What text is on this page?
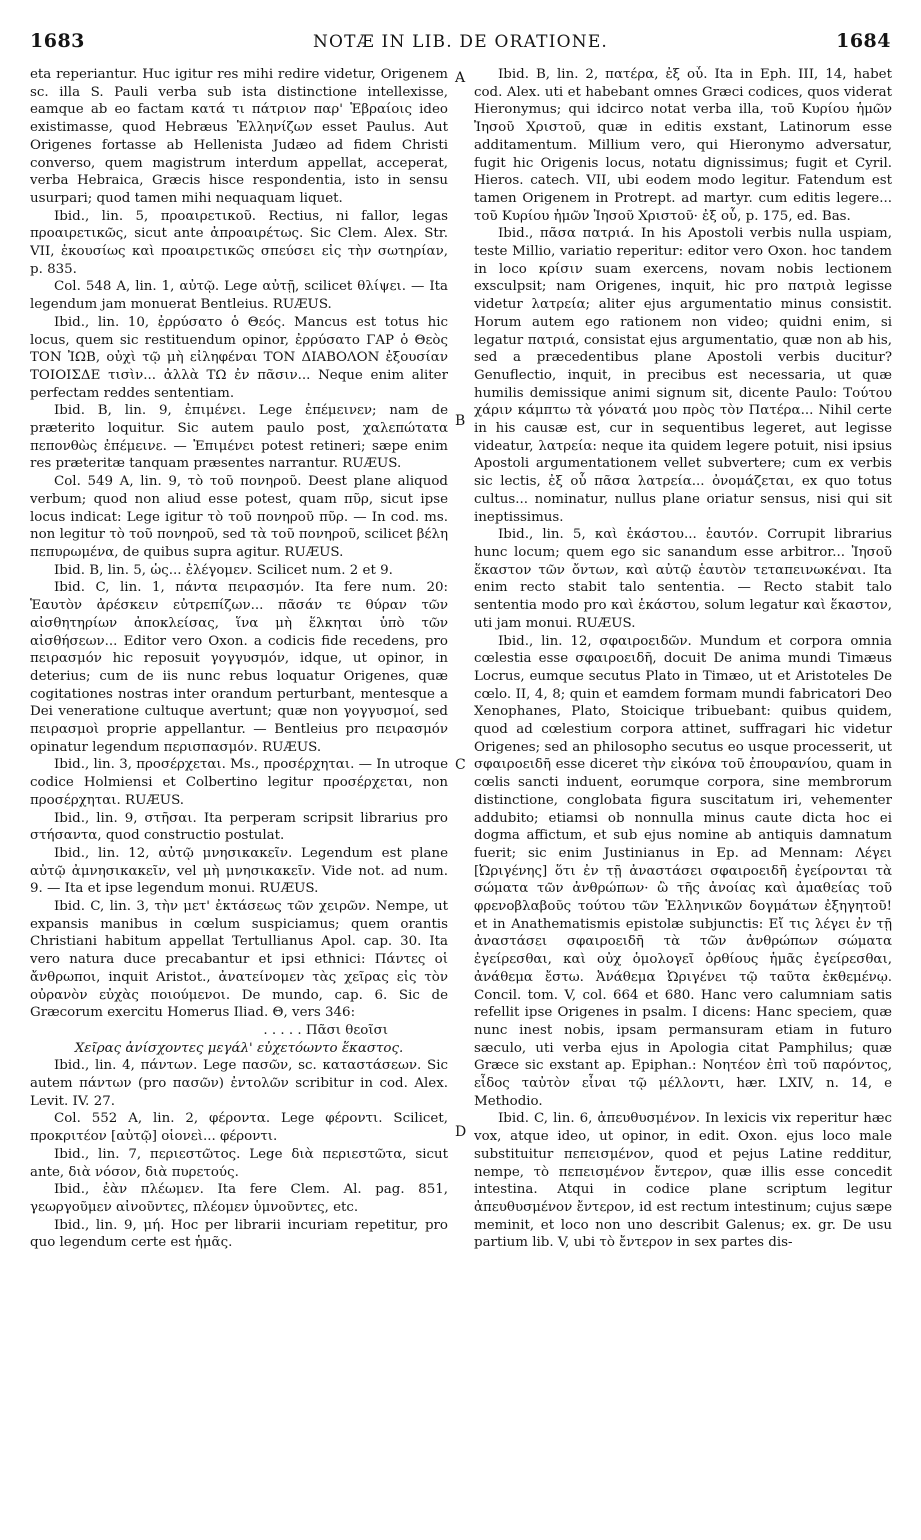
1683	NOTÆ IN LIB. DE ORATIONE.	1684
A
B
C
D

eta reperiantur. Huc igitur res mihi redire videtur, Origenem sc. illa S. Pauli verba sub ista distinctione intellexisse, eamque ab eo factam κατά τι πάτριον παρ' Ἑβραίοις ideo existimasse, quod Hebræus Ἑλληνίζων esset Paulus. Aut Origenes fortasse ab Hellenista Judæo ad fidem Christi converso, quem magistrum interdum appellat, acceperat, verba Hebraica, Græcis hisce respondentia, isto in sensu usurpari; quod tamen mihi nequaquam liquet.

Ibid., lin. 5, προαιρετικοῦ. Rectius, ni fallor, legas προαιρετικῶς, sicut ante ἀπροαιρέτως. Sic Clem. Alex. Str. VII, ἑκουσίως καὶ προαιρετικῶς σπεύσει εἰς τὴν σωτηρίαν, p. 835.

Col. 548 A, lin. 1, αὐτῷ. Lege αὐτῇ, scilicet θλίψει. — Ita legendum jam monuerat Bentleius. RUÆUS.

Ibid., lin. 10, ἐρρύσατο ὁ Θεός. Mancus est totus hic locus, quem sic restituendum opinor, ἐρρύσατο ΓΑΡ ὁ Θεὸς ΤΟΝ ἸΩΒ, οὐχὶ τῷ μὴ εἰληφέναι ΤΟΝ ΔΙΑΒΟΛΟΝ ἐξουσίαν ΤΟΙΟΙΣΔΕ τισὶν... ἀλλὰ ΤΩ ἐν πᾶσιν... Neque enim aliter perfectam reddes sententiam.

Ibid. B, lin. 9, ἐπιμένει. Lege ἐπέμεινεν; nam de præterito loquitur. Sic autem paulo post, χαλεπώτατα πεπονθὼς ἐπέμεινε. — Ἐπιμένει potest retineri; sæpe enim res præteritæ tanquam præsentes narrantur. RUÆUS.

Col. 549 A, lin. 9, τὸ τοῦ πονηροῦ. Deest plane aliquod verbum; quod non aliud esse potest, quam πῦρ, sicut ipse locus indicat: Lege igitur τὸ τοῦ πονηροῦ πῦρ. — In cod. ms. non legitur τὸ τοῦ πονηροῦ, sed τὰ τοῦ πονηροῦ, scilicet βέλη πεπυρωμένα, de quibus supra agitur. RUÆUS.

Ibid. B, lin. 5, ὡς... ἐλέγομεν. Scilicet num. 2 et 9.

Ibid. C, lin. 1, πάντα πειρασμόν. Ita fere num. 20: Ἑαυτὸν ἀρέσκειν εὐτρεπίζων... πᾶσάν τε θύραν τῶν αἰσθητηρίων ἀποκλείσας, ἵνα μὴ ἕλκηται ὑπὸ τῶν αἰσθήσεων... Editor vero Oxon. a codicis fide recedens, pro πειρασμόν hic reposuit γογγυσμόν, idque, ut opinor, in deterius; cum de iis nunc rebus loquatur Origenes, quæ cogitationes nostras inter orandum perturbant, mentesque a Dei veneratione cultuque avertunt; quæ non γογγυσμοί, sed πειρασμοὶ proprie appellantur. — Bentleius pro πειρασμόν opinatur legendum περισπασμόν. RUÆUS.

Ibid., lin. 3, προσέρχεται. Ms., προσέρχηται. — In utroque codice Holmiensi et Colbertino legitur προσέρχεται, non προσέρχηται. RUÆUS.

Ibid., lin. 9, στῆσαι. Ita perperam scripsit librarius pro στήσαντα, quod constructio postulat.

Ibid., lin. 12, αὐτῷ μνησικακεῖν. Legendum est plane αὐτῷ ἀμνησικακεῖν, vel μὴ μνησικακεῖν. Vide not. ad num. 9. — Ita et ipse legendum monui. RUÆUS.

Ibid. C, lin. 3, τὴν μετ' ἐκτάσεως τῶν χειρῶν. Nempe, ut expansis manibus in cœlum suspiciamus; quem orantis Christiani habitum appellat Tertullianus Apol. cap. 30. Ita vero natura duce precabantur et ipsi ethnici: Πάντες οἱ ἄνθρωποι, inquit Aristot., ἀνατείνομεν τὰς χεῖρας εἰς τὸν οὐρανὸν εὐχὰς ποιούμενοι. De mundo, cap. 6. Sic de Græcorum exercitu Homerus Iliad. Θ, vers 346:

. . . . . Πᾶσι θεοῖσι

Χεῖρας ἀνίσχοντες μεγάλ' εὐχετόωντο ἕκαστος.

Ibid., lin. 4, πάντων. Lege πασῶν, sc. καταστάσεων. Sic autem πάντων (pro πασῶν) ἐντολῶν scribitur in cod. Alex. Levit. IV. 27.

Col. 552 A, lin. 2, φέροντα. Lege φέροντι. Scilicet, προκριτέον [αὐτῷ] οἱονεὶ... φέροντι.

Ibid., lin. 7, περιεστῶτος. Lege διὰ περιεστῶτα, sicut ante, διὰ νόσον, διὰ πυρετούς.

Ibid., ἐὰν πλέωμεν. Ita fere Clem. Al. pag. 851, γεωργοῦμεν αἰνοῦντες, πλέομεν ὑμνοῦντες, etc.

Ibid., lin. 9, μή. Hoc per librarii incuriam repetitur, pro quo legendum certe est ἡμᾶς.

Ibid. B, lin. 2, πατέρα, ἐξ οὗ. Ita in Eph. III, 14, habet cod. Alex. uti et habebant omnes Græci codices, quos viderat Hieronymus; qui idcirco notat verba illa, τοῦ Κυρίου ἡμῶν Ἰησοῦ Χριστοῦ, quæ in editis exstant, Latinorum esse additamentum. Millium vero, qui Hieronymo adversatur, fugit hic Origenis locus, notatu dignissimus; fugit et Cyril. Hieros. catech. VII, ubi eodem modo legitur. Fatendum est tamen Origenem in Protrept. ad martyr. cum editis legere... τοῦ Κυρίου ἡμῶν Ἰησοῦ Χριστοῦ· ἐξ οὗ, p. 175, ed. Bas.

Ibid., πᾶσα πατριά. In his Apostoli verbis nulla uspiam, teste Millio, variatio reperitur: editor vero Oxon. hoc tandem in loco κρίσιν suam exercens, novam nobis lectionem exsculpsit; nam Origenes, inquit, hic pro πατριὰ legisse videtur λατρεία; aliter ejus argumentatio minus consistit. Horum autem ego rationem non video; quidni enim, si legatur πατριά, consistat ejus argumentatio, quæ non ab his, sed a præcedentibus plane Apostoli verbis ducitur? Genuflectio, inquit, in precibus est necessaria, ut quæ humilis demissique animi signum sit, dicente Paulo: Τούτου χάριν κάμπτω τὰ γόνατά μου πρὸς τὸν Πατέρα... Nihil certe in his causæ est, cur in sequentibus legeret, aut legisse videatur, λατρεία: neque ita quidem legere potuit, nisi ipsius Apostoli argumentationem vellet subvertere; cum ex verbis sic lectis, ἐξ οὗ πᾶσα λατρεία... ὀνομάζεται, ex quo totus cultus... nominatur, nullus plane oriatur sensus, nisi qui sit ineptissimus.

Ibid., lin. 5, καὶ ἑκάστου... ἑαυτόν. Corrupit librarius hunc locum; quem ego sic sanandum esse arbitror... Ἰησοῦ ἕκαστον τῶν ὄντων, καὶ αὐτῷ ἑαυτὸν τεταπεινωκέναι. Ita enim recto stabit talo sententia. — Recto stabit talo sententia modo pro καὶ ἑκάστου, solum legatur καὶ ἕκαστον, uti jam monui. RUÆUS.

Ibid., lin. 12, σφαιροειδῶν. Mundum et corpora omnia cœlestia esse σφαιροειδῆ, docuit De anima mundi Timæus Locrus, eumque secutus Plato in Timæo, ut et Aristoteles De cœlo. II, 4, 8; quin et eamdem formam mundi fabricatori Deo Xenophanes, Plato, Stoicique tribuebant: quibus quidem, quod ad cœlestium corpora attinet, suffragari hic videtur Origenes; sed an philosopho secutus eo usque processerit, ut σφαιροειδῆ esse diceret τὴν εἰκόνα τοῦ ἐπουρανίου, quam in cœlis sancti induent, eorumque corpora, sine membrorum distinctione, conglobata figura suscitatum iri, vehementer addubito; etiamsi ob nonnulla minus caute dicta hoc ei dogma affictum, et sub ejus nomine ab antiquis damnatum fuerit; sic enim Justinianus in Ep. ad Mennam: Λέγει [Ὠριγένης] ὅτι ἐν τῇ ἀναστάσει σφαιροειδῆ ἐγείρονται τὰ σώματα τῶν ἀνθρώπων· ὢ τῆς ἀνοίας καὶ ἀμαθείας τοῦ φρενοβλαβοῦς τούτου τῶν Ἑλληνικῶν δογμάτων ἐξηγητοῦ! et in Anathematismis epistolæ subjunctis: Εἴ τις λέγει ἐν τῇ ἀναστάσει σφαιροειδῆ τὰ τῶν ἀνθρώπων σώματα ἐγείρεσθαι, καὶ οὐχ ὁμολογεῖ ὀρθίους ἡμᾶς ἐγείρεσθαι, ἀνάθεμα ἔστω. Ἀνάθεμα Ὠριγένει τῷ ταῦτα ἐκθεμένῳ. Concil. tom. V, col. 664 et 680. Hanc vero calumniam satis refellit ipse Origenes in psalm. I dicens: Hanc speciem, quæ nunc inest nobis, ipsam permansuram etiam in futuro sæculo, uti verba ejus in Apologia citat Pamphilus; quæ Græce sic exstant ap. Epiphan.: Νοητέον ἐπὶ τοῦ παρόντος, εἶδος ταὐτὸν εἶναι τῷ μέλλοντι, hær. LXIV, n. 14, e Methodio.

Ibid. C, lin. 6, ἀπευθυσμένον. In lexicis vix reperitur hæc vox, atque ideo, ut opinor, in edit. Oxon. ejus loco male substituitur πεπεισμένον, quod et pejus Latine redditur, nempe, τὸ πεπεισμένον ἔντερον, quæ illis esse concedit intestina. Atqui in codice plane scriptum legitur ἀπευθυσμένον ἔντερον, id est rectum intestinum; cujus sæpe meminit, et loco non uno describit Galenus; ex. gr. De usu partium lib. V, ubi τὸ ἔντερον in sex partes dis-
